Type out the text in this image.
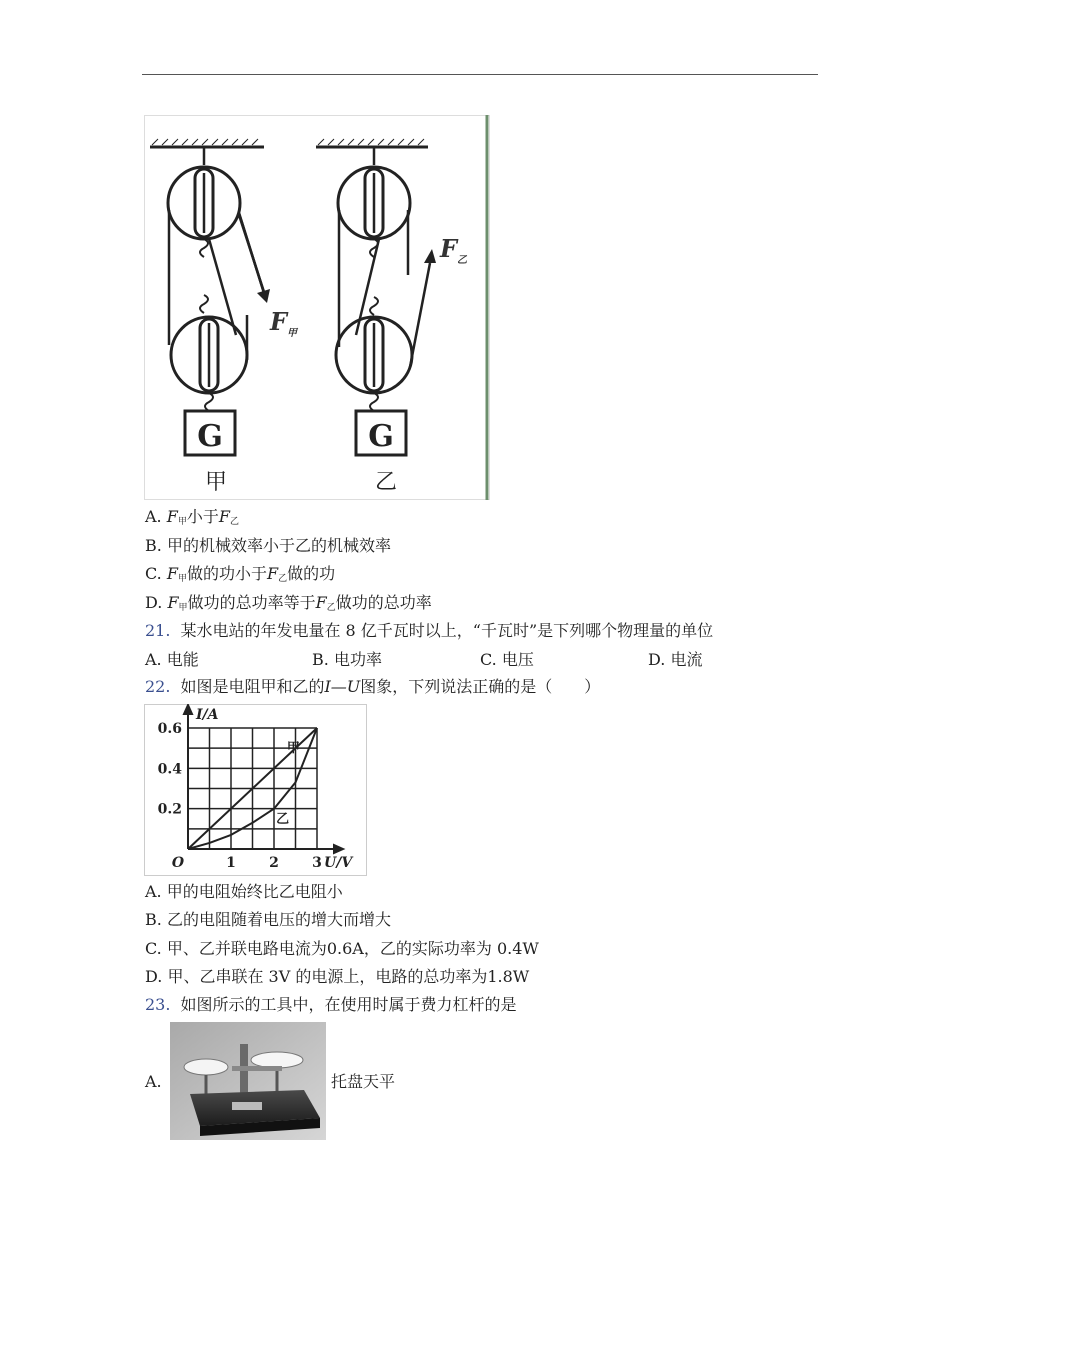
G
甲
$F_甲$
G
乙
$F_乙$
A. $F_甲$小于$F_乙$
B. 甲的机械效率小于乙的机械效率
C. $F_甲$做的功小于$F_乙$做的功
D. $F_甲$做功的总功率等于$F_乙$做功的总功率
21. 某水电站的年发电量在 8 亿千瓦时以上，“千瓦时”是下列哪个物理量的单位
A. 电能	B. 电功率	C. 电压	D. 电流
22. 如图是电阻甲和乙的I—U图象，下列说法正确的是（　　）
甲
乙
0.2
0.4
0.6
1 2 3
O	U/V
I/A
A. 甲的电阻始终比乙电阻小
B. 乙的电阻随着电压的增大而增大
C. 甲、乙并联电路电流为0.6A，乙的实际功率为 0.4W
D. 甲、乙串联在 3V 的电源上，电路的总功率为1.8W
23. 如图所示的工具中，在使用时属于费力杠杆的是
A.	托盘天平
